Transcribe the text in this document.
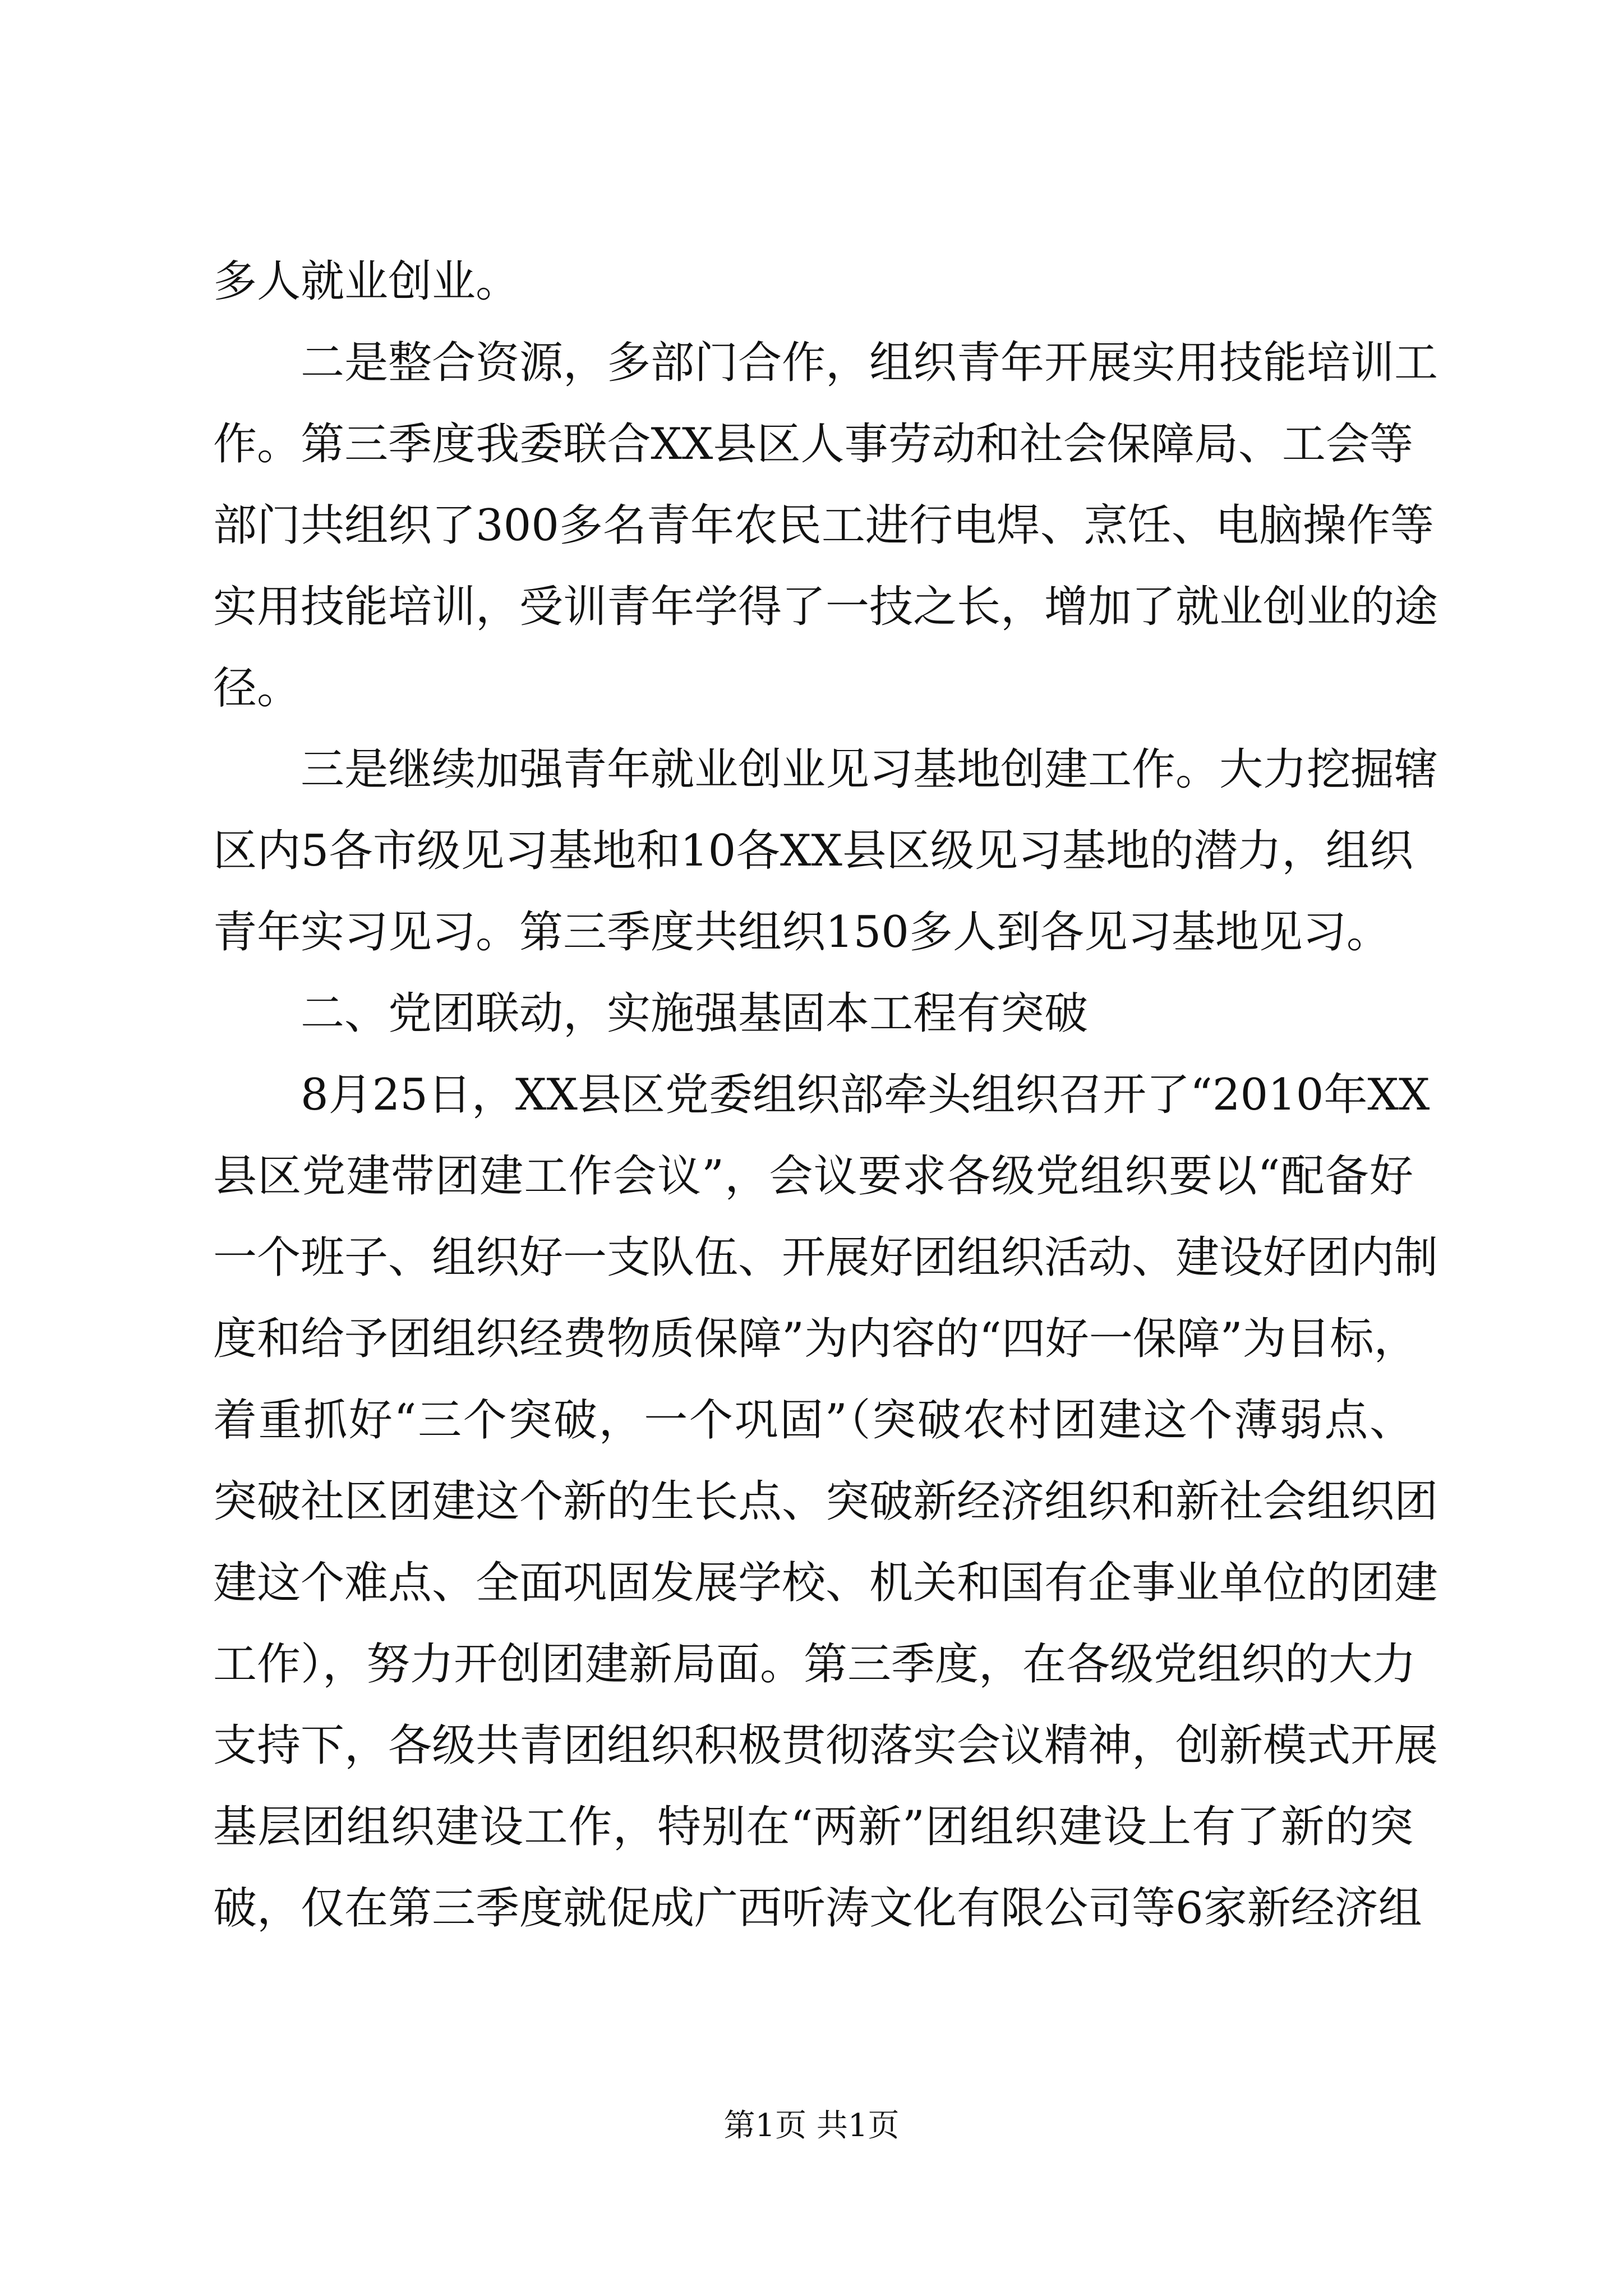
多人就业创业。
二是整合资源，多部门合作，组织青年开展实用技能培训工
作。第三季度我委联合XX县区人事劳动和社会保障局、工会等
部门共组织了300多名青年农民工进行电焊、烹饪、电脑操作等
实用技能培训，受训青年学得了一技之长，增加了就业创业的途
径。
三是继续加强青年就业创业见习基地创建工作。大力挖掘辖
区内5各市级见习基地和10各XX县区级见习基地的潜力，组织
青年实习见习。第三季度共组织150多人到各见习基地见习。
二、党团联动，实施强基固本工程有突破
8月25日，XX县区党委组织部牵头组织召开了“2010年XX
县区党建带团建工作会议”，会议要求各级党组织要以“配备好
一个班子、组织好一支队伍、开展好团组织活动、建设好团内制
度和给予团组织经费物质保障”为内容的“四好一保障”为目标，
着重抓好“三个突破，一个巩固”（突破农村团建这个薄弱点、
突破社区团建这个新的生长点、突破新经济组织和新社会组织团
建这个难点、全面巩固发展学校、机关和国有企事业单位的团建
工作），努力开创团建新局面。第三季度，在各级党组织的大力
支持下，各级共青团组织积极贯彻落实会议精神，创新模式开展
基层团组织建设工作，特别在“两新”团组织建设上有了新的突
破，仅在第三季度就促成广西听涛文化有限公司等6家新经济组
第1页 共1页
